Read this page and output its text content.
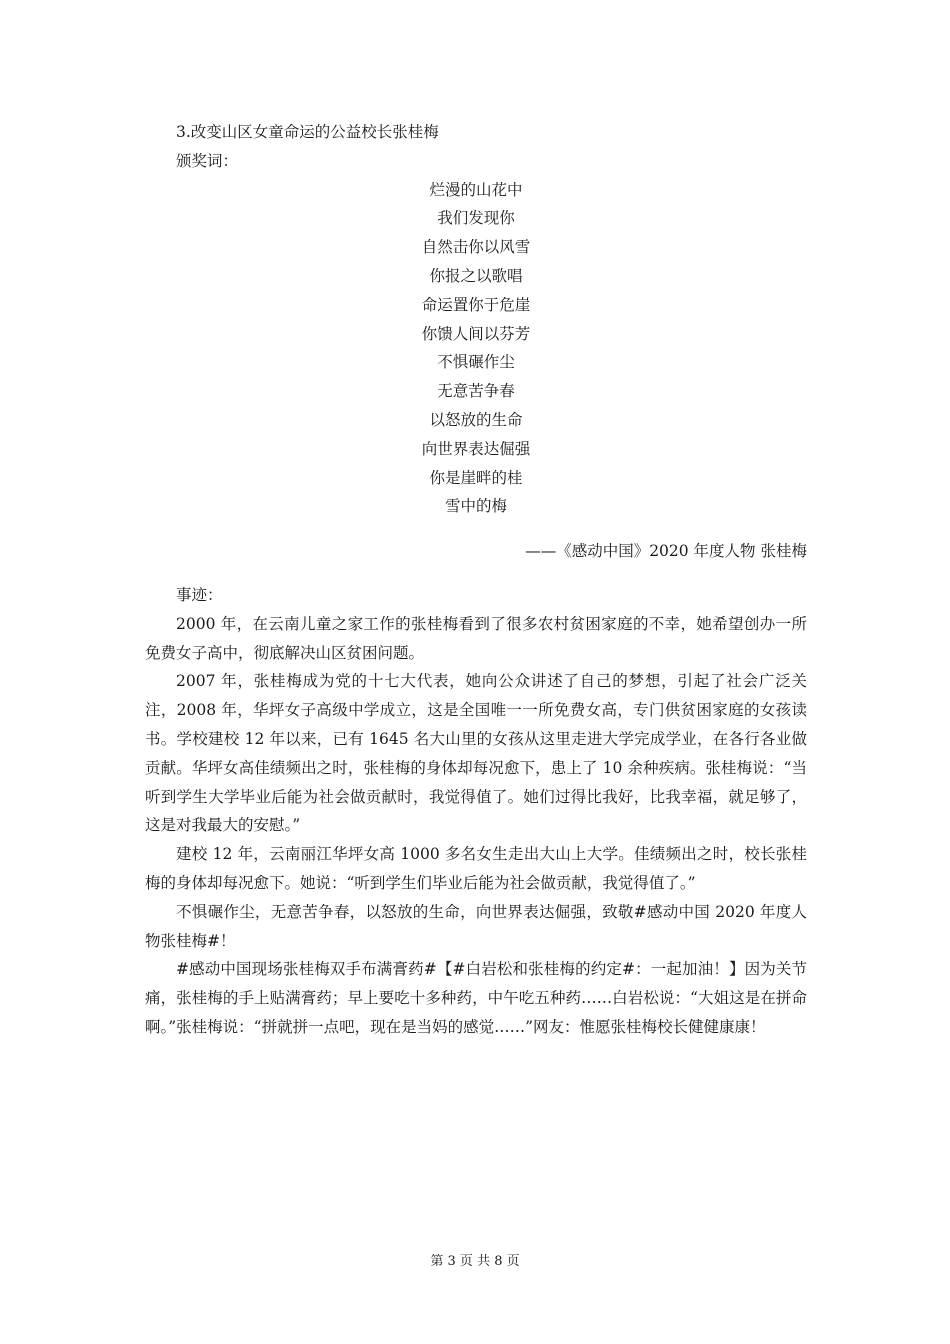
3.改变山区女童命运的公益校长张桂梅

颁奖词：

烂漫的山花中
我们发现你
自然击你以风雪
你报之以歌唱
命运置你于危崖
你馈人间以芬芳
不惧碾作尘
无意苦争春
以怒放的生命
向世界表达倔强
你是崖畔的桂
雪中的梅

——《感动中国》2020 年度人物 张桂梅

事迹：

2000 年，在云南儿童之家工作的张桂梅看到了很多农村贫困家庭的不幸，她希望创办一所免费女子高中，彻底解决山区贫困问题。

2007 年，张桂梅成为党的十七大代表，她向公众讲述了自己的梦想，引起了社会广泛关注，2008 年，华坪女子高级中学成立，这是全国唯一一所免费女高，专门供贫困家庭的女孩读书。学校建校 12 年以来，已有 1645 名大山里的女孩从这里走进大学完成学业，在各行各业做贡献。华坪女高佳绩频出之时，张桂梅的身体却每况愈下，患上了 10 余种疾病。张桂梅说：“当听到学生大学毕业后能为社会做贡献时，我觉得值了。她们过得比我好，比我幸福，就足够了，这是对我最大的安慰。”

建校 12 年，云南丽江华坪女高 1000 多名女生走出大山上大学。佳绩频出之时，校长张桂梅的身体却每况愈下。她说：“听到学生们毕业后能为社会做贡献，我觉得值了。”

不惧碾作尘，无意苦争春，以怒放的生命，向世界表达倔强，致敬#感动中国 2020 年度人物张桂梅#！

#感动中国现场张桂梅双手布满膏药#【#白岩松和张桂梅的约定#：一起加油！】因为关节痛，张桂梅的手上贴满膏药；早上要吃十多种药，中午吃五种药……白岩松说：“大姐这是在拼命啊。”张桂梅说：“拼就拼一点吧，现在是当妈的感觉……”网友：惟愿张桂梅校长健健康康！

第 3 页 共 8 页
